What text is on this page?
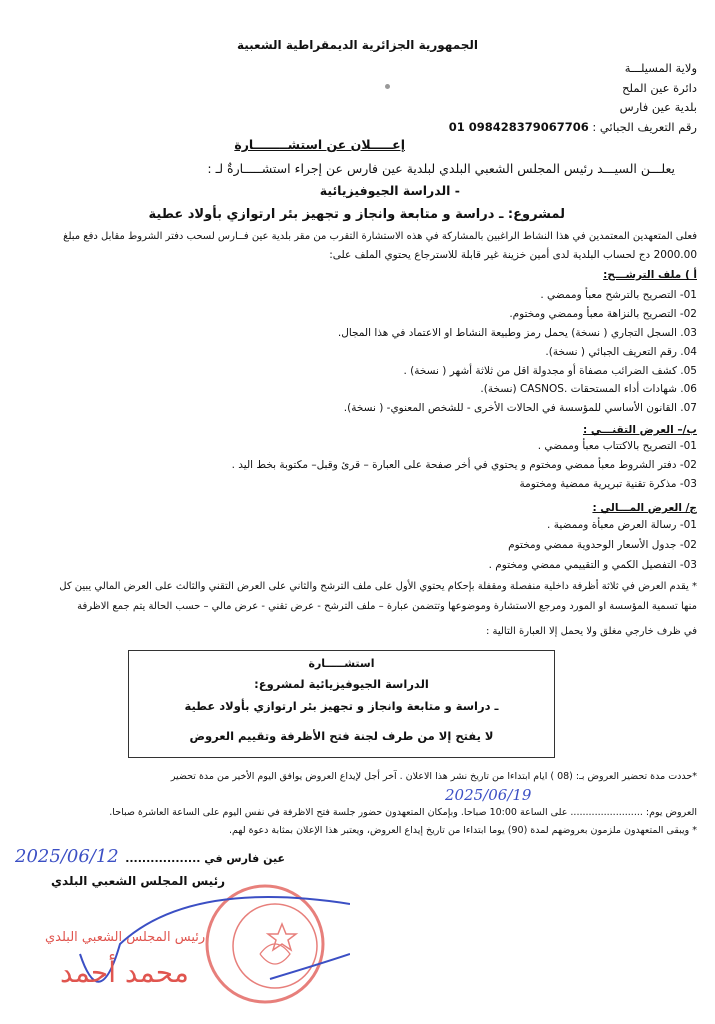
الجمهورية الجزائرية الديمقراطية الشعبية
ولاية المسيلـــة
دائرة عين الملح
بلدية عين فارس
رقم التعريف الجبائي : 01 098428379067706
إعـــــلان عن استشــــــــارة
يعلـــن السيـــد رئيس المجلس الشعبي البلدي لبلدية عين فارس عن إجراء استشـــــارةٌ لـ :
- الدراسة الجيوفيزيائية
لمشروع: ـ دراسة و متابعة وانجاز و تجهيز بئر ارتوازي بأولاد عطية
فعلى المتعهدين المعتمدين في هذا النشاط الراغبين بالمشاركة في هذه الاستشارة التقرب من مقر بلدية عين فــارس لسحب دفتر الشروط مقابل دفع مبلغ
2000.00 دج لحساب البلدية لدى أمين خزينة غير قابلة للاسترجاع يحتوي الملف على:
أ ) ملف الترشـــح:
01- التصريح بالترشح معبأ وممضي .
02- التصريح بالنزاهة معبأ وممضي ومختوم.
03. السجل التجاري ( نسخة) يحمل رمز وطبيعة النشاط او الاعتماد في هذا المجال.
04. رقم التعريف الجبائي ( نسخة).
05. كشف الضرائب مصفاة أو مجدولة اقل من ثلاثة أشهر ( نسخة) .
06. شهادات أداء المستحقات .CASNOS (نسخة).
07. القانون الأساسي للمؤسسة في الحالات الأخرى - للشخص المعنوي- ( نسخة).
ب/– العرض التقنـــي :
01- التصريح بالاكتتاب معبأ وممضي .
02- دفتر الشروط معبأ ممضي ومختوم و يحتوي في أخر صفحة على العبارة – قرئ وقبل– مكتوبة بخط اليد .
03- مذكرة تقنية تبريرية ممضية ومختومة
ج/ العرض المـــالي :
01- رسالة العرض معبأة وممضية .
02- جدول الأسعار الوحدوية ممضي ومختوم
03- التفصيل الكمي و التقييمي ممضي ومختوم .
* يقدم العرض في ثلاثة أظرفة داخلية منفصلة ومقفلة بإحكام يحتوي الأول على ملف الترشح والثاني على العرض التقني والثالث على العرض المالي يبين كل
منها تسمية المؤسسة او المورد ومرجع الاستشارة وموضوعها وتتضمن عبارة – ملف الترشح - عرض تقني - عرض مالي – حسب الحالة يتم جمع الاظرفة
في ظرف خارجي مغلق ولا يحمل إلا العبارة التالية :
استشـــــارة
الدراسة الجيوفيزيائية لمشروع:
ـ دراسة و متابعة وانجاز و تجهيز بئر ارتوازي بأولاد عطية
لا يفتح إلا من طرف لجنة فتح الأظرفة وتقييم العروض
*حددت مدة تحضير العروض بـ: (08 ) ايام ابتداءا من تاريخ نشر هذا الاعلان . آخر أجل لإيداع العروض يوافق اليوم الأخير من مدة تحضير
2025/06/19
العروض يوم: ........................ على الساعة 10:00 صباحا. وبإمكان المتعهدون حضور جلسة فتح الاظرفة في نفس اليوم على الساعة العاشرة صباحا.
* ويبقى المتعهدون ملزمون بعروضهم لمدة (90) يوما ابتداءا من تاريخ إيداع العروض، ويعتبر هذا الإعلان بمثابة دعوة لهم.
عين فارس في ..................
2025/06/12
رئيس المجلس الشعبي البلدي
رئيس المجلس الشعبي البلدي
محمد أحمد
